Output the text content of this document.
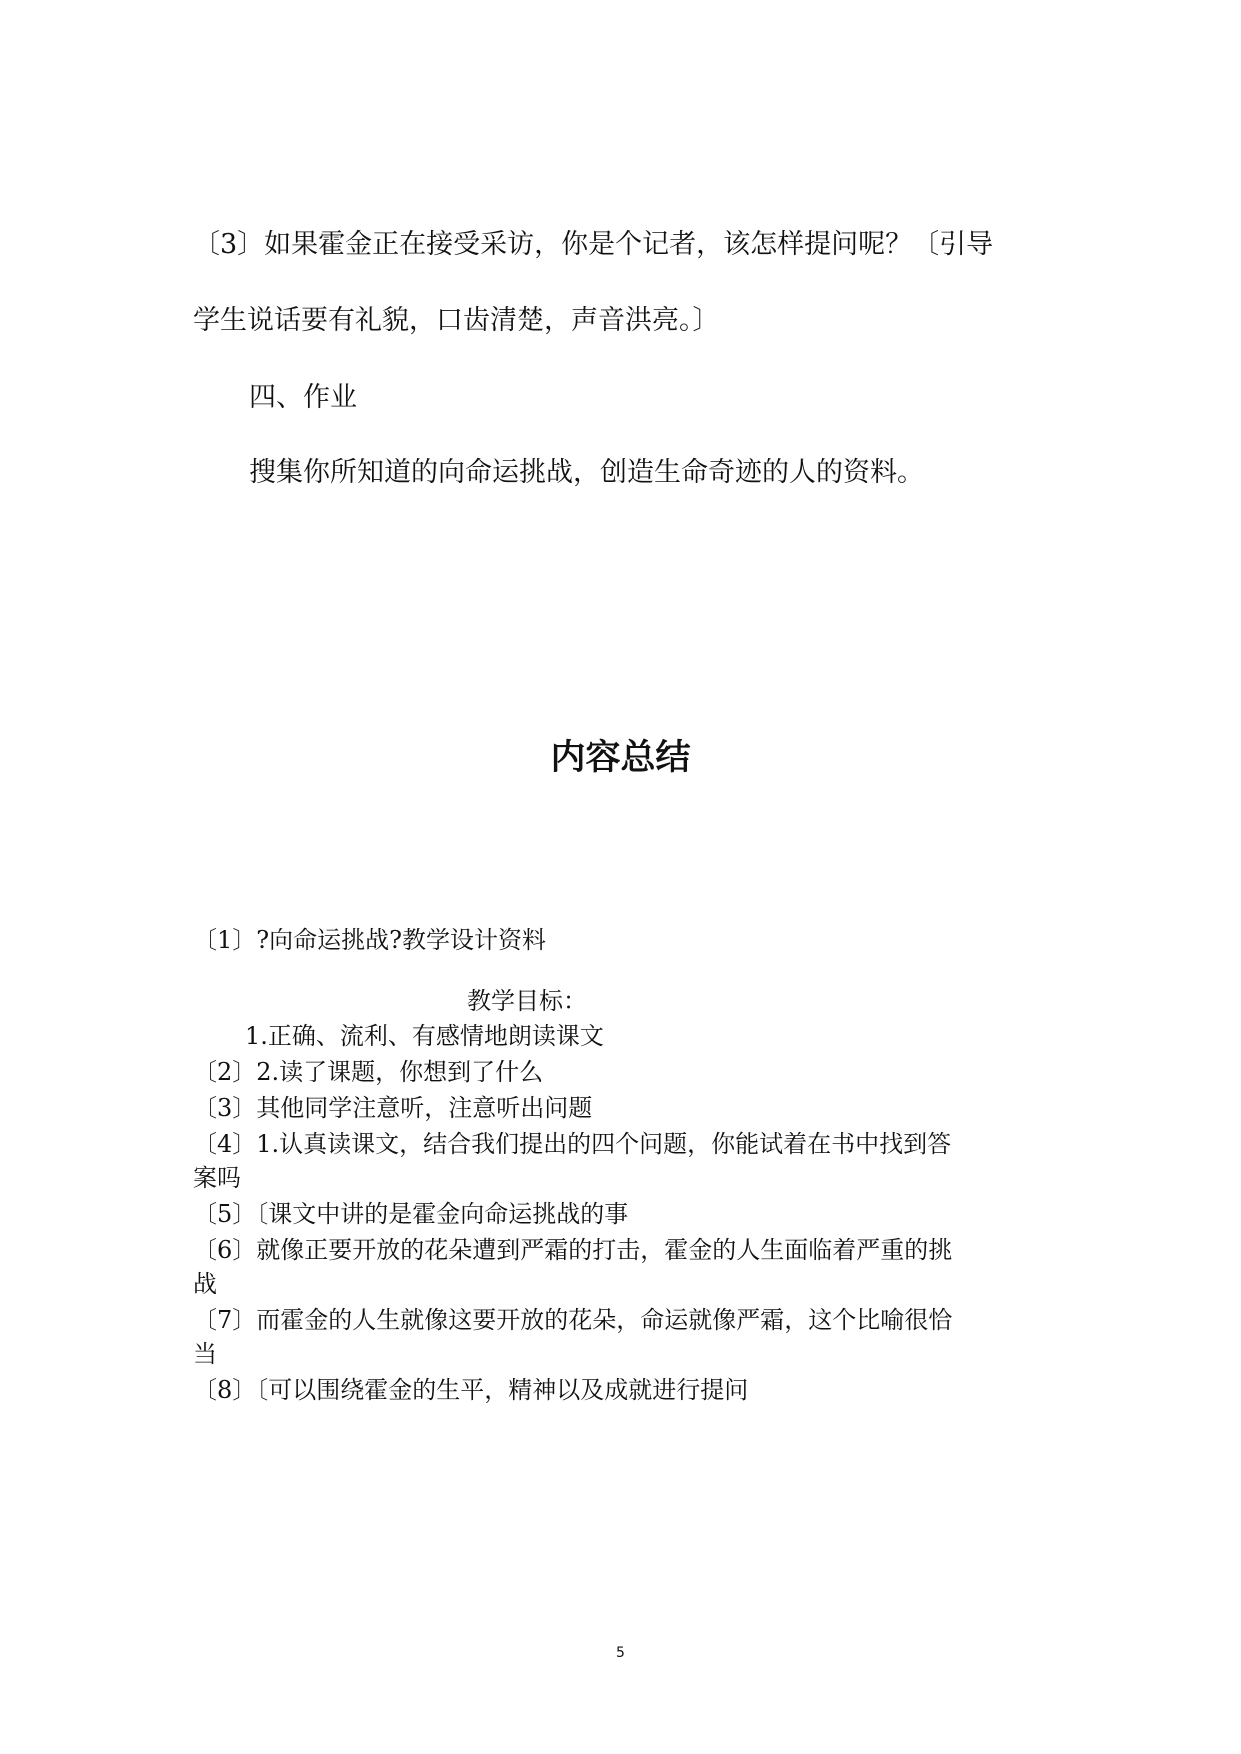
〔3〕如果霍金正在接受采访，你是个记者，该怎样提问呢？〔引导

学生说话要有礼貌，口齿清楚，声音洪亮。〕

四、作业

搜集你所知道的向命运挑战，创造生命奇迹的人的资料。

内容总结

〔1〕?向命运挑战?教学设计资料

教学目标：

1.正确、流利、有感情地朗读课文

〔2〕2.读了课题，你想到了什么

〔3〕其他同学注意听，注意听出问题

〔4〕1.认真读课文，结合我们提出的四个问题，你能试着在书中找到答

案吗

〔5〕〔课文中讲的是霍金向命运挑战的事

〔6〕就像正要开放的花朵遭到严霜的打击，霍金的人生面临着严重的挑

战

〔7〕而霍金的人生就像这要开放的花朵，命运就像严霜，这个比喻很恰

当

〔8〕〔可以围绕霍金的生平，精神以及成就进行提问

5
